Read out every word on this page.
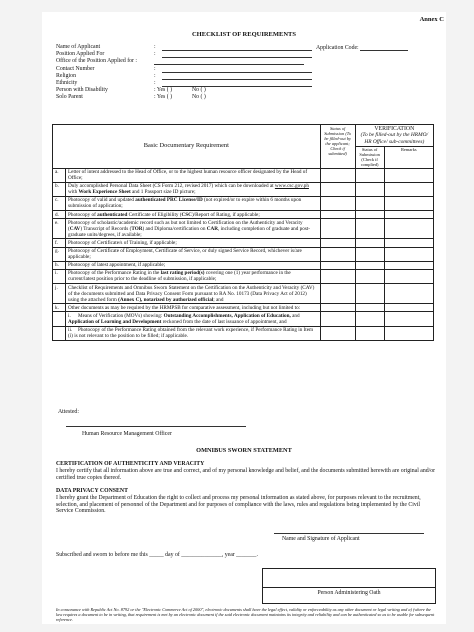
Annex C
CHECKLIST OF REQUIREMENTS
Name of Applicant	:
Position Applied For	:
Office of the Position Applied for :
Contact Number	:
Religion	:
Ethnicity	:
Person with Disability	: Yes ( )	No ( )
Solo Parent	: Yes ( )	No ( )
Application Code:
Basic Documentary Requirement		Status of Submission (To be filled-out by the applicant; Check if submitted)	VERIFICATION
(To be filled-out by the HRMO/ HR Office/ sub-committees)	
			Status of Submission (Check if complied)	Remarks
a.	Letter of intent addressed to the Head of Office, or to the highest human resource officer designated by the Head of Office;			
b.	Duly accomplished Personal Data Sheet (CS Form 212, revised 2017) which can be downloaded at www.csc.gov.ph with Work Experience Sheet and 1 Passport size ID picture;			
c.	Photocopy of valid and updated authenticated PRC License/ID (not expired/or to expire within 6 months upon submission of application;			
d.	Photocopy of authenticated Certificate of Eligibility (CSC)/Report of Rating, if applicable;			
e.	Photocopy of scholastic/academic record such as but not limited to Certification on the Authenticity and Veracity (CAV) Transcript of Records (TOR) and Diploma/certification on CAR, including completion of graduate and post-graduate units/degrees, if available;			
f.	Photocopy of Certificate/s of Training, if applicable;			
g.	Photocopy of Certificate of Employment, Certificate of Service, or duly signed Service Record, whichever is/are applicable;			
h.	Photocopy of latest appointment, if applicable;			
i.	Photocopy of the Performance Rating in the last rating period(s) covering one (1) year performance in the current/latest position prior to the deadline of submission, if applicable;			
j.	Checklist of Requirements and Omnibus Sworn Statement on the Certification on the Authenticity and Veracity (CAV) of the documents submitted and Data Privacy Consent Form pursuant to RA No. 10173 (Data Privacy Act of 2012) using the attached form (Annex C), notarized by authorized official; and			
k.	Other documents as may be required by the HRMPSB for comparative assessment, including but not limited to:			
	i. Means of Verification (MOVs) showing: Outstanding Accomplishments, Application of Education, and Application of Learning and Development reckoned from the date of last issuance of appointment, and			
	ii. Photocopy of the Performance Rating obtained from the relevant work experience, if Performance Rating in Item (i) is not relevant to the position to be filled; if applicable.			
Attested:
Human Resource Management Officer
OMNIBUS SWORN STATEMENT
CERTIFICATION OF AUTHENTICITY AND VERACITY
I hereby certify that all information above are true and correct, and of my personal knowledge and belief, and the documents submitted herewith are original and/or certified true copies thereof.
DATA PRIVACY CONSENT
I hereby grant the Department of Education the right to collect and process my personal information as stated above, for purposes relevant to the recruitment, selection, and placement of personnel of the Department and for purposes of compliance with the laws, rules and regulations being implemented by the Civil Service Commission.
Name and Signature of Applicant
Subscribed and sworn to before me this _____ day of ______________, year _______.
Person Administering Oath
In consonance with Republic Act No. 8792 or the "Electronic Commerce Act of 2000", electronic documents shall have the legal effect, validity or enforceability as any other document or legal writing and a) (where the law requires a document to be in writing, that requirement is met by an electronic document if the said electronic document maintains its integrity and reliability and can be authenticated so as to be usable for subsequent reference.
